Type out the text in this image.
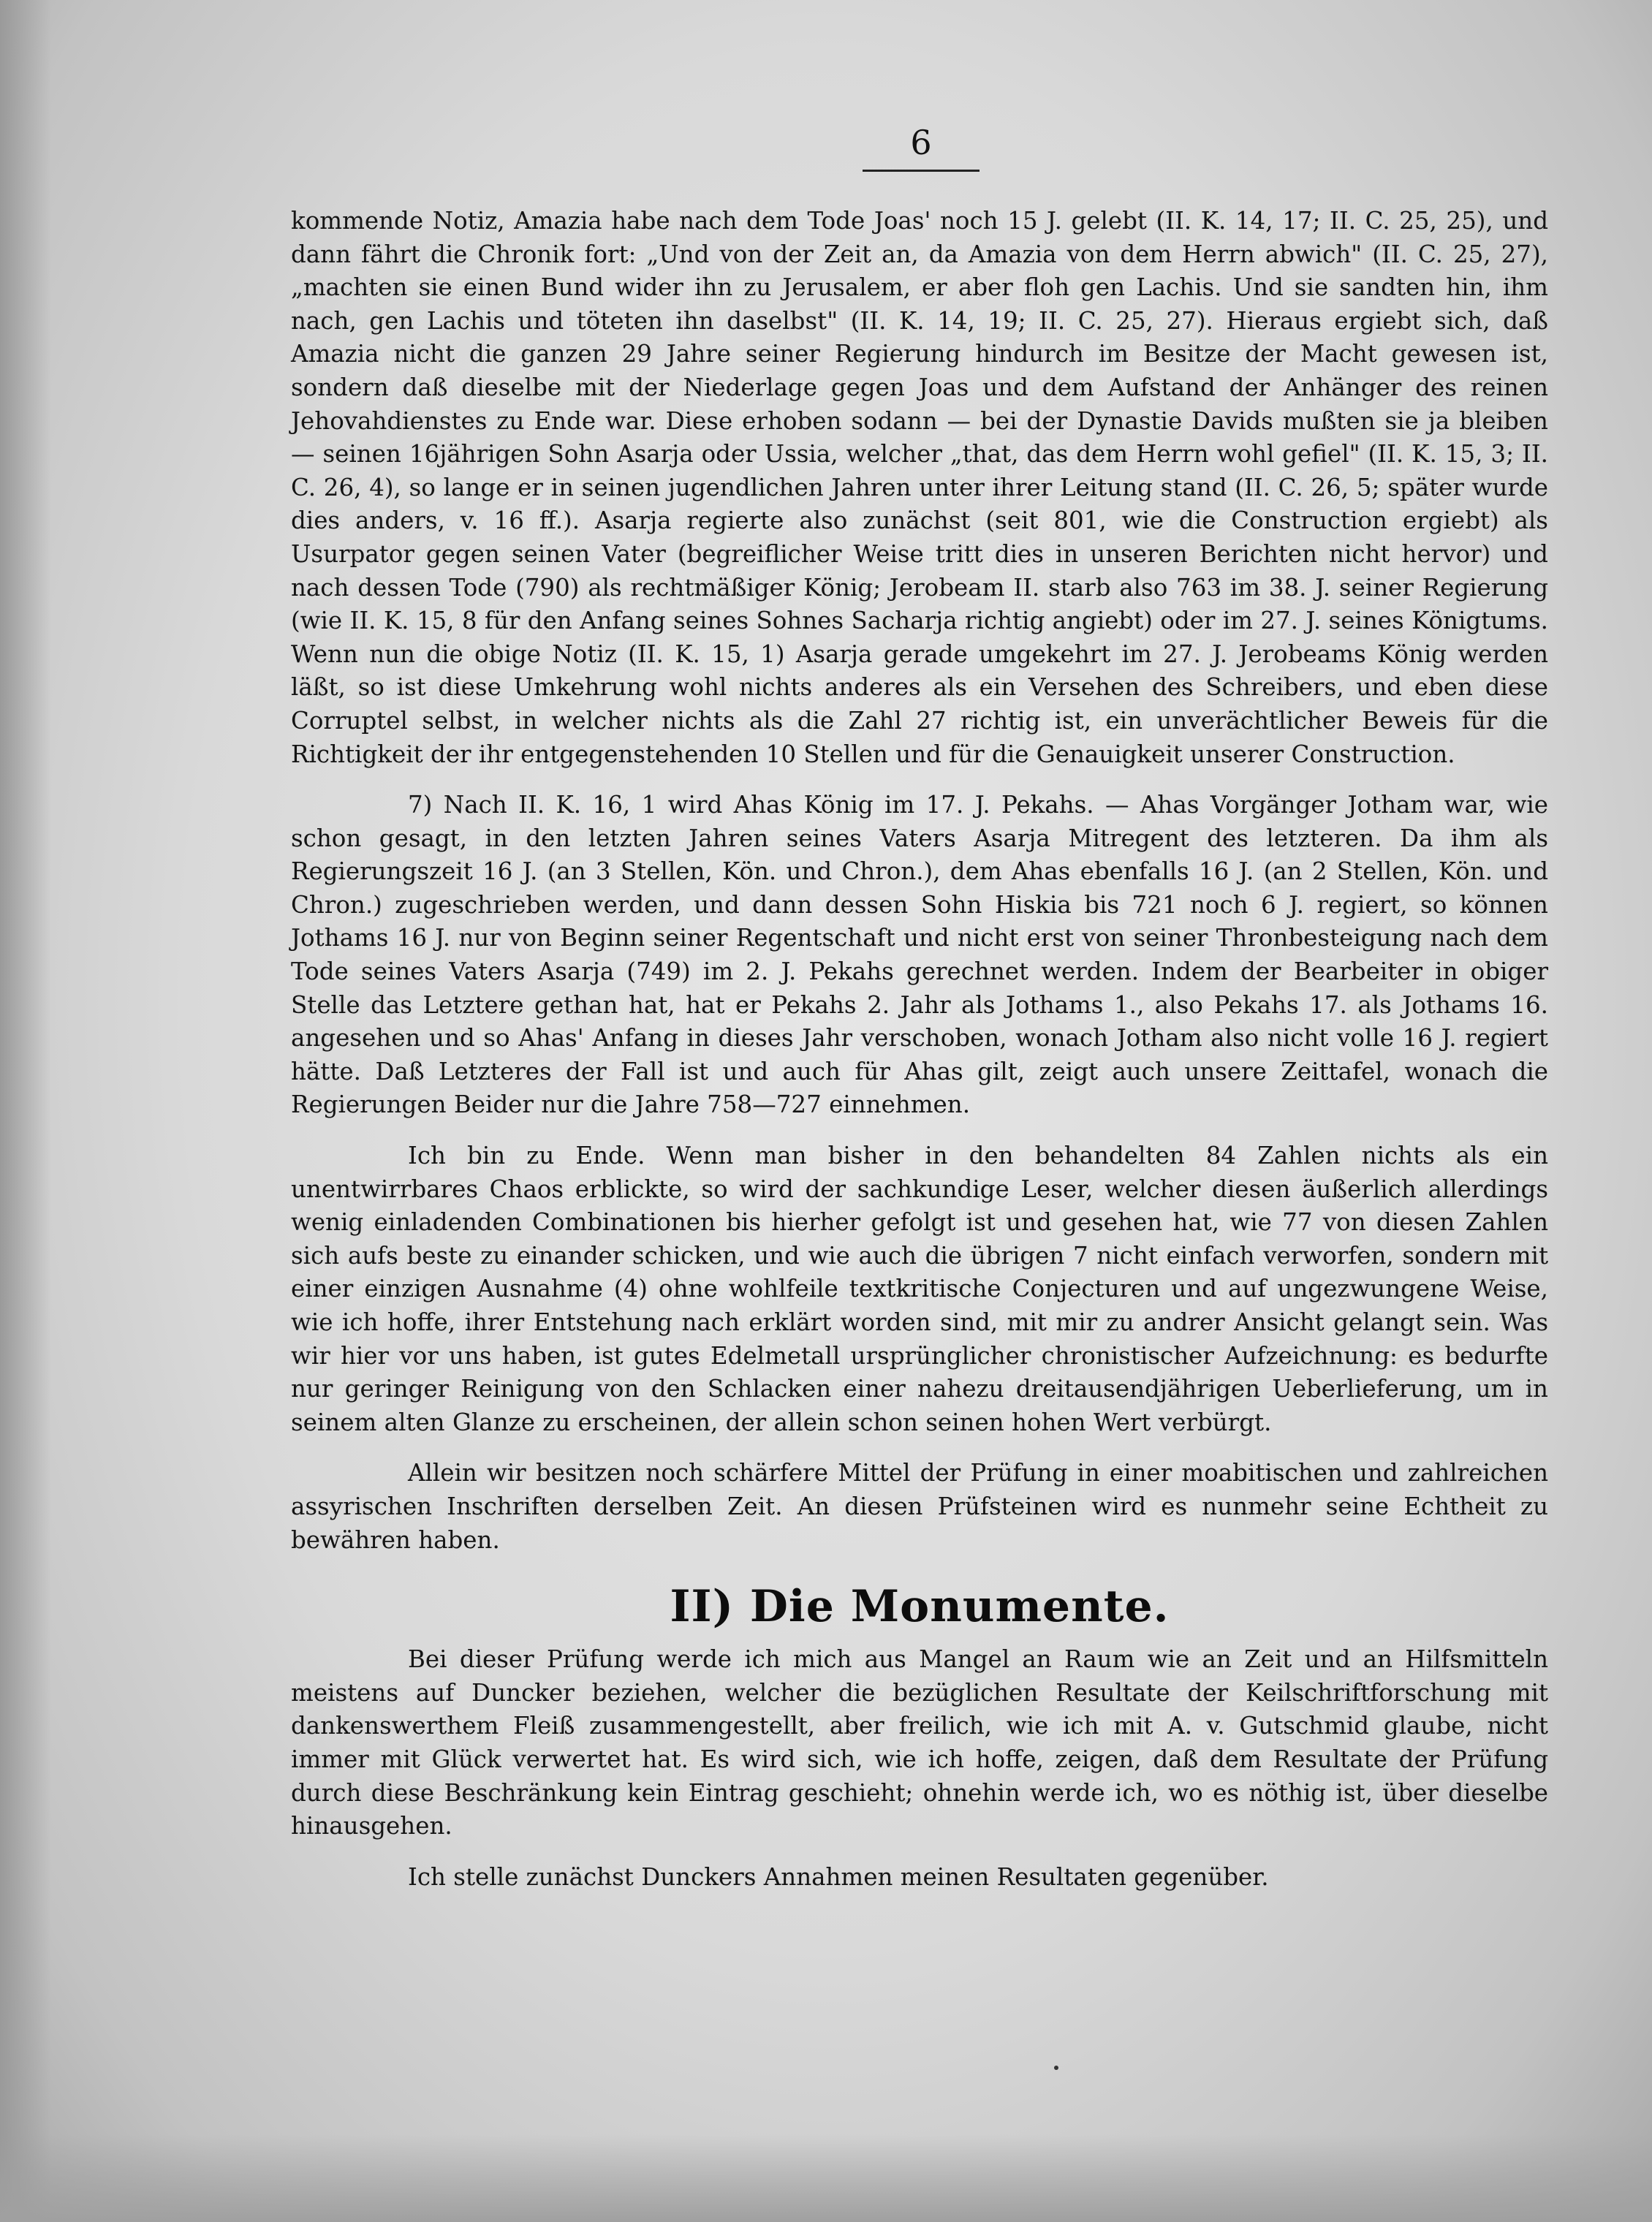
6

kommende Notiz, Amazia habe nach dem Tode Joas' noch 15 J. gelebt (II. K. 14, 17; II. C. 25, 25), und dann fährt die Chronik fort: „Und von der Zeit an, da Amazia von dem Herrn abwich" (II. C. 25, 27), „machten sie einen Bund wider ihn zu Jerusalem, er aber floh gen Lachis. Und sie sandten hin, ihm nach, gen Lachis und töteten ihn daselbst" (II. K. 14, 19; II. C. 25, 27). Hieraus ergiebt sich, daß Amazia nicht die ganzen 29 Jahre seiner Regierung hindurch im Besitze der Macht gewesen ist, sondern daß dieselbe mit der Niederlage gegen Joas und dem Aufstand der Anhänger des reinen Jehovahdienstes zu Ende war. Diese erhoben sodann — bei der Dynastie Davids mußten sie ja bleiben — seinen 16jährigen Sohn Asarja oder Ussia, welcher „that, das dem Herrn wohl gefiel" (II. K. 15, 3; II. C. 26, 4), so lange er in seinen jugendlichen Jahren unter ihrer Leitung stand (II. C. 26, 5; später wurde dies anders, v. 16 ff.). Asarja regierte also zunächst (seit 801, wie die Construction ergiebt) als Usurpator gegen seinen Vater (begreiflicher Weise tritt dies in unseren Berichten nicht hervor) und nach dessen Tode (790) als rechtmäßiger König; Jerobeam II. starb also 763 im 38. J. seiner Regierung (wie II. K. 15, 8 für den Anfang seines Sohnes Sacharja richtig angiebt) oder im 27. J. seines Königtums. Wenn nun die obige Notiz (II. K. 15, 1) Asarja gerade umgekehrt im 27. J. Jerobeams König werden läßt, so ist diese Umkehrung wohl nichts anderes als ein Versehen des Schreibers, und eben diese Corruptel selbst, in welcher nichts als die Zahl 27 richtig ist, ein unverächtlicher Beweis für die Richtigkeit der ihr entgegenstehenden 10 Stellen und für die Genauigkeit unserer Construction.

7) Nach II. K. 16, 1 wird Ahas König im 17. J. Pekahs. — Ahas Vorgänger Jotham war, wie schon gesagt, in den letzten Jahren seines Vaters Asarja Mitregent des letzteren. Da ihm als Regierungszeit 16 J. (an 3 Stellen, Kön. und Chron.), dem Ahas ebenfalls 16 J. (an 2 Stellen, Kön. und Chron.) zugeschrieben werden, und dann dessen Sohn Hiskia bis 721 noch 6 J. regiert, so können Jothams 16 J. nur von Beginn seiner Regentschaft und nicht erst von seiner Thronbesteigung nach dem Tode seines Vaters Asarja (749) im 2. J. Pekahs gerechnet werden. Indem der Bearbeiter in obiger Stelle das Letztere gethan hat, hat er Pekahs 2. Jahr als Jothams 1., also Pekahs 17. als Jothams 16. angesehen und so Ahas' Anfang in dieses Jahr verschoben, wonach Jotham also nicht volle 16 J. regiert hätte. Daß Letzteres der Fall ist und auch für Ahas gilt, zeigt auch unsere Zeittafel, wonach die Regierungen Beider nur die Jahre 758—727 einnehmen.

Ich bin zu Ende. Wenn man bisher in den behandelten 84 Zahlen nichts als ein unentwirrbares Chaos erblickte, so wird der sachkundige Leser, welcher diesen äußerlich allerdings wenig einladenden Combinationen bis hierher gefolgt ist und gesehen hat, wie 77 von diesen Zahlen sich aufs beste zu einander schicken, und wie auch die übrigen 7 nicht einfach verworfen, sondern mit einer einzigen Ausnahme (4) ohne wohlfeile textkritische Conjecturen und auf ungezwungene Weise, wie ich hoffe, ihrer Entstehung nach erklärt worden sind, mit mir zu andrer Ansicht gelangt sein. Was wir hier vor uns haben, ist gutes Edelmetall ursprünglicher chronistischer Aufzeichnung: es bedurfte nur geringer Reinigung von den Schlacken einer nahezu dreitausendjährigen Ueberlieferung, um in seinem alten Glanze zu erscheinen, der allein schon seinen hohen Wert verbürgt.

Allein wir besitzen noch schärfere Mittel der Prüfung in einer moabitischen und zahlreichen assyrischen Inschriften derselben Zeit. An diesen Prüfsteinen wird es nunmehr seine Echtheit zu bewähren haben.

II) Die Monumente.

Bei dieser Prüfung werde ich mich aus Mangel an Raum wie an Zeit und an Hilfsmitteln meistens auf Duncker beziehen, welcher die bezüglichen Resultate der Keilschriftforschung mit dankenswerthem Fleiß zusammengestellt, aber freilich, wie ich mit A. v. Gutschmid glaube, nicht immer mit Glück verwertet hat. Es wird sich, wie ich hoffe, zeigen, daß dem Resultate der Prüfung durch diese Beschränkung kein Eintrag geschieht; ohnehin werde ich, wo es nöthig ist, über dieselbe hinausgehen.

Ich stelle zunächst Dunckers Annahmen meinen Resultaten gegenüber.
